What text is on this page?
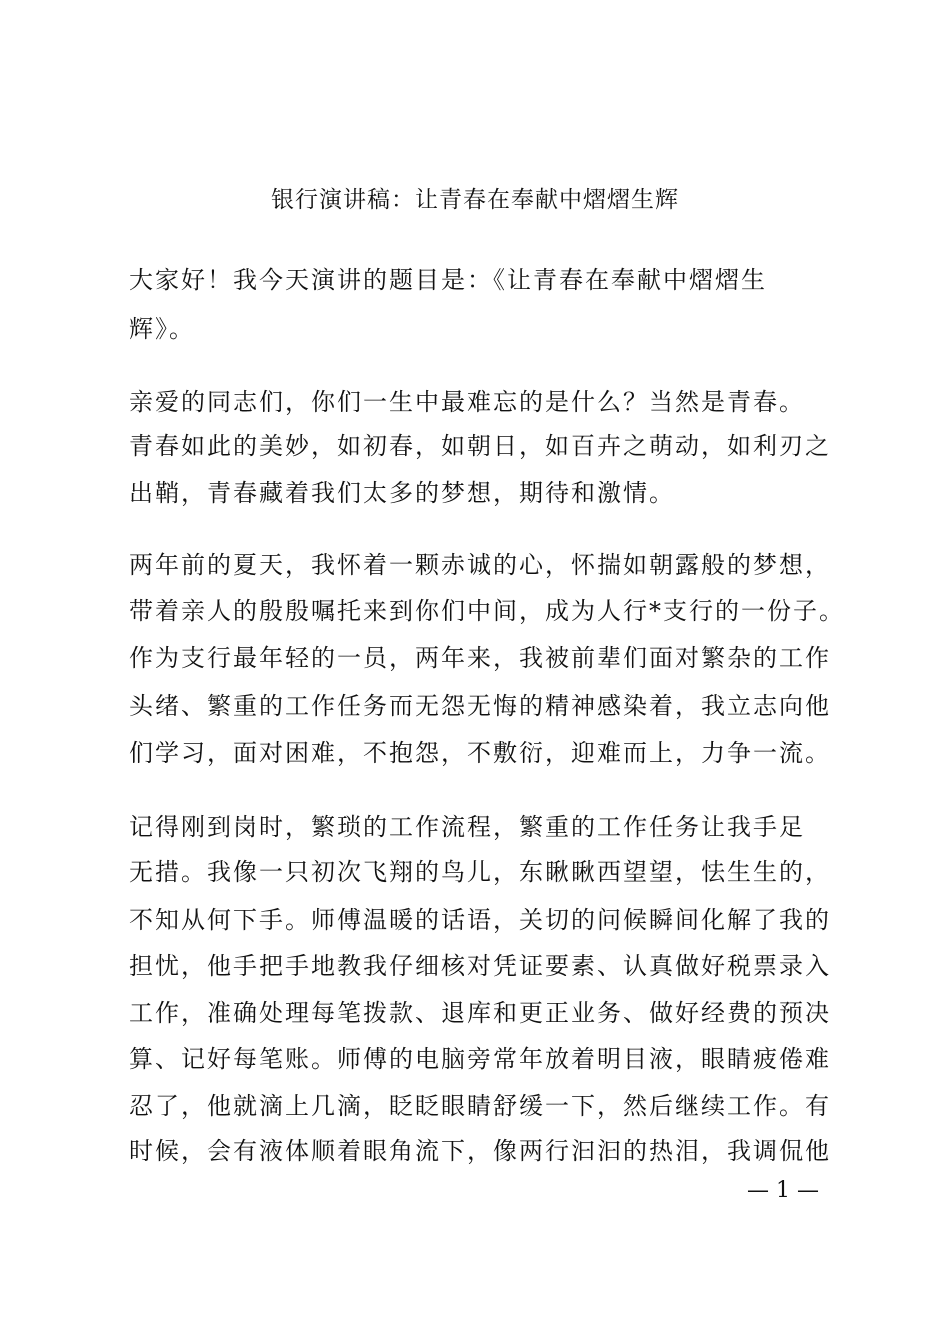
银行演讲稿：让青春在奉献中熠熠生辉
大家好！我今天演讲的题目是：《让青春在奉献中熠熠生
辉》。
亲爱的同志们，你们一生中最难忘的是什么？当然是青春。
青春如此的美妙，如初春，如朝日，如百卉之萌动，如利刃之
出鞘，青春藏着我们太多的梦想，期待和激情。
两年前的夏天，我怀着一颗赤诚的心，怀揣如朝露般的梦想，
带着亲人的殷殷嘱托来到你们中间，成为人行*支行的一份子。
作为支行最年轻的一员，两年来，我被前辈们面对繁杂的工作
头绪、繁重的工作任务而无怨无悔的精神感染着，我立志向他
们学习，面对困难，不抱怨，不敷衍，迎难而上，力争一流。
记得刚到岗时，繁琐的工作流程，繁重的工作任务让我手足
无措。我像一只初次飞翔的鸟儿，东瞅瞅西望望，怯生生的，
不知从何下手。师傅温暖的话语，关切的问候瞬间化解了我的
担忧，他手把手地教我仔细核对凭证要素、认真做好税票录入
工作，准确处理每笔拨款、退库和更正业务、做好经费的预决
算、记好每笔账。师傅的电脑旁常年放着明目液，眼睛疲倦难
忍了，他就滴上几滴，眨眨眼睛舒缓一下，然后继续工作。有
时候，会有液体顺着眼角流下，像两行汩汩的热泪，我调侃他
— 1 —
